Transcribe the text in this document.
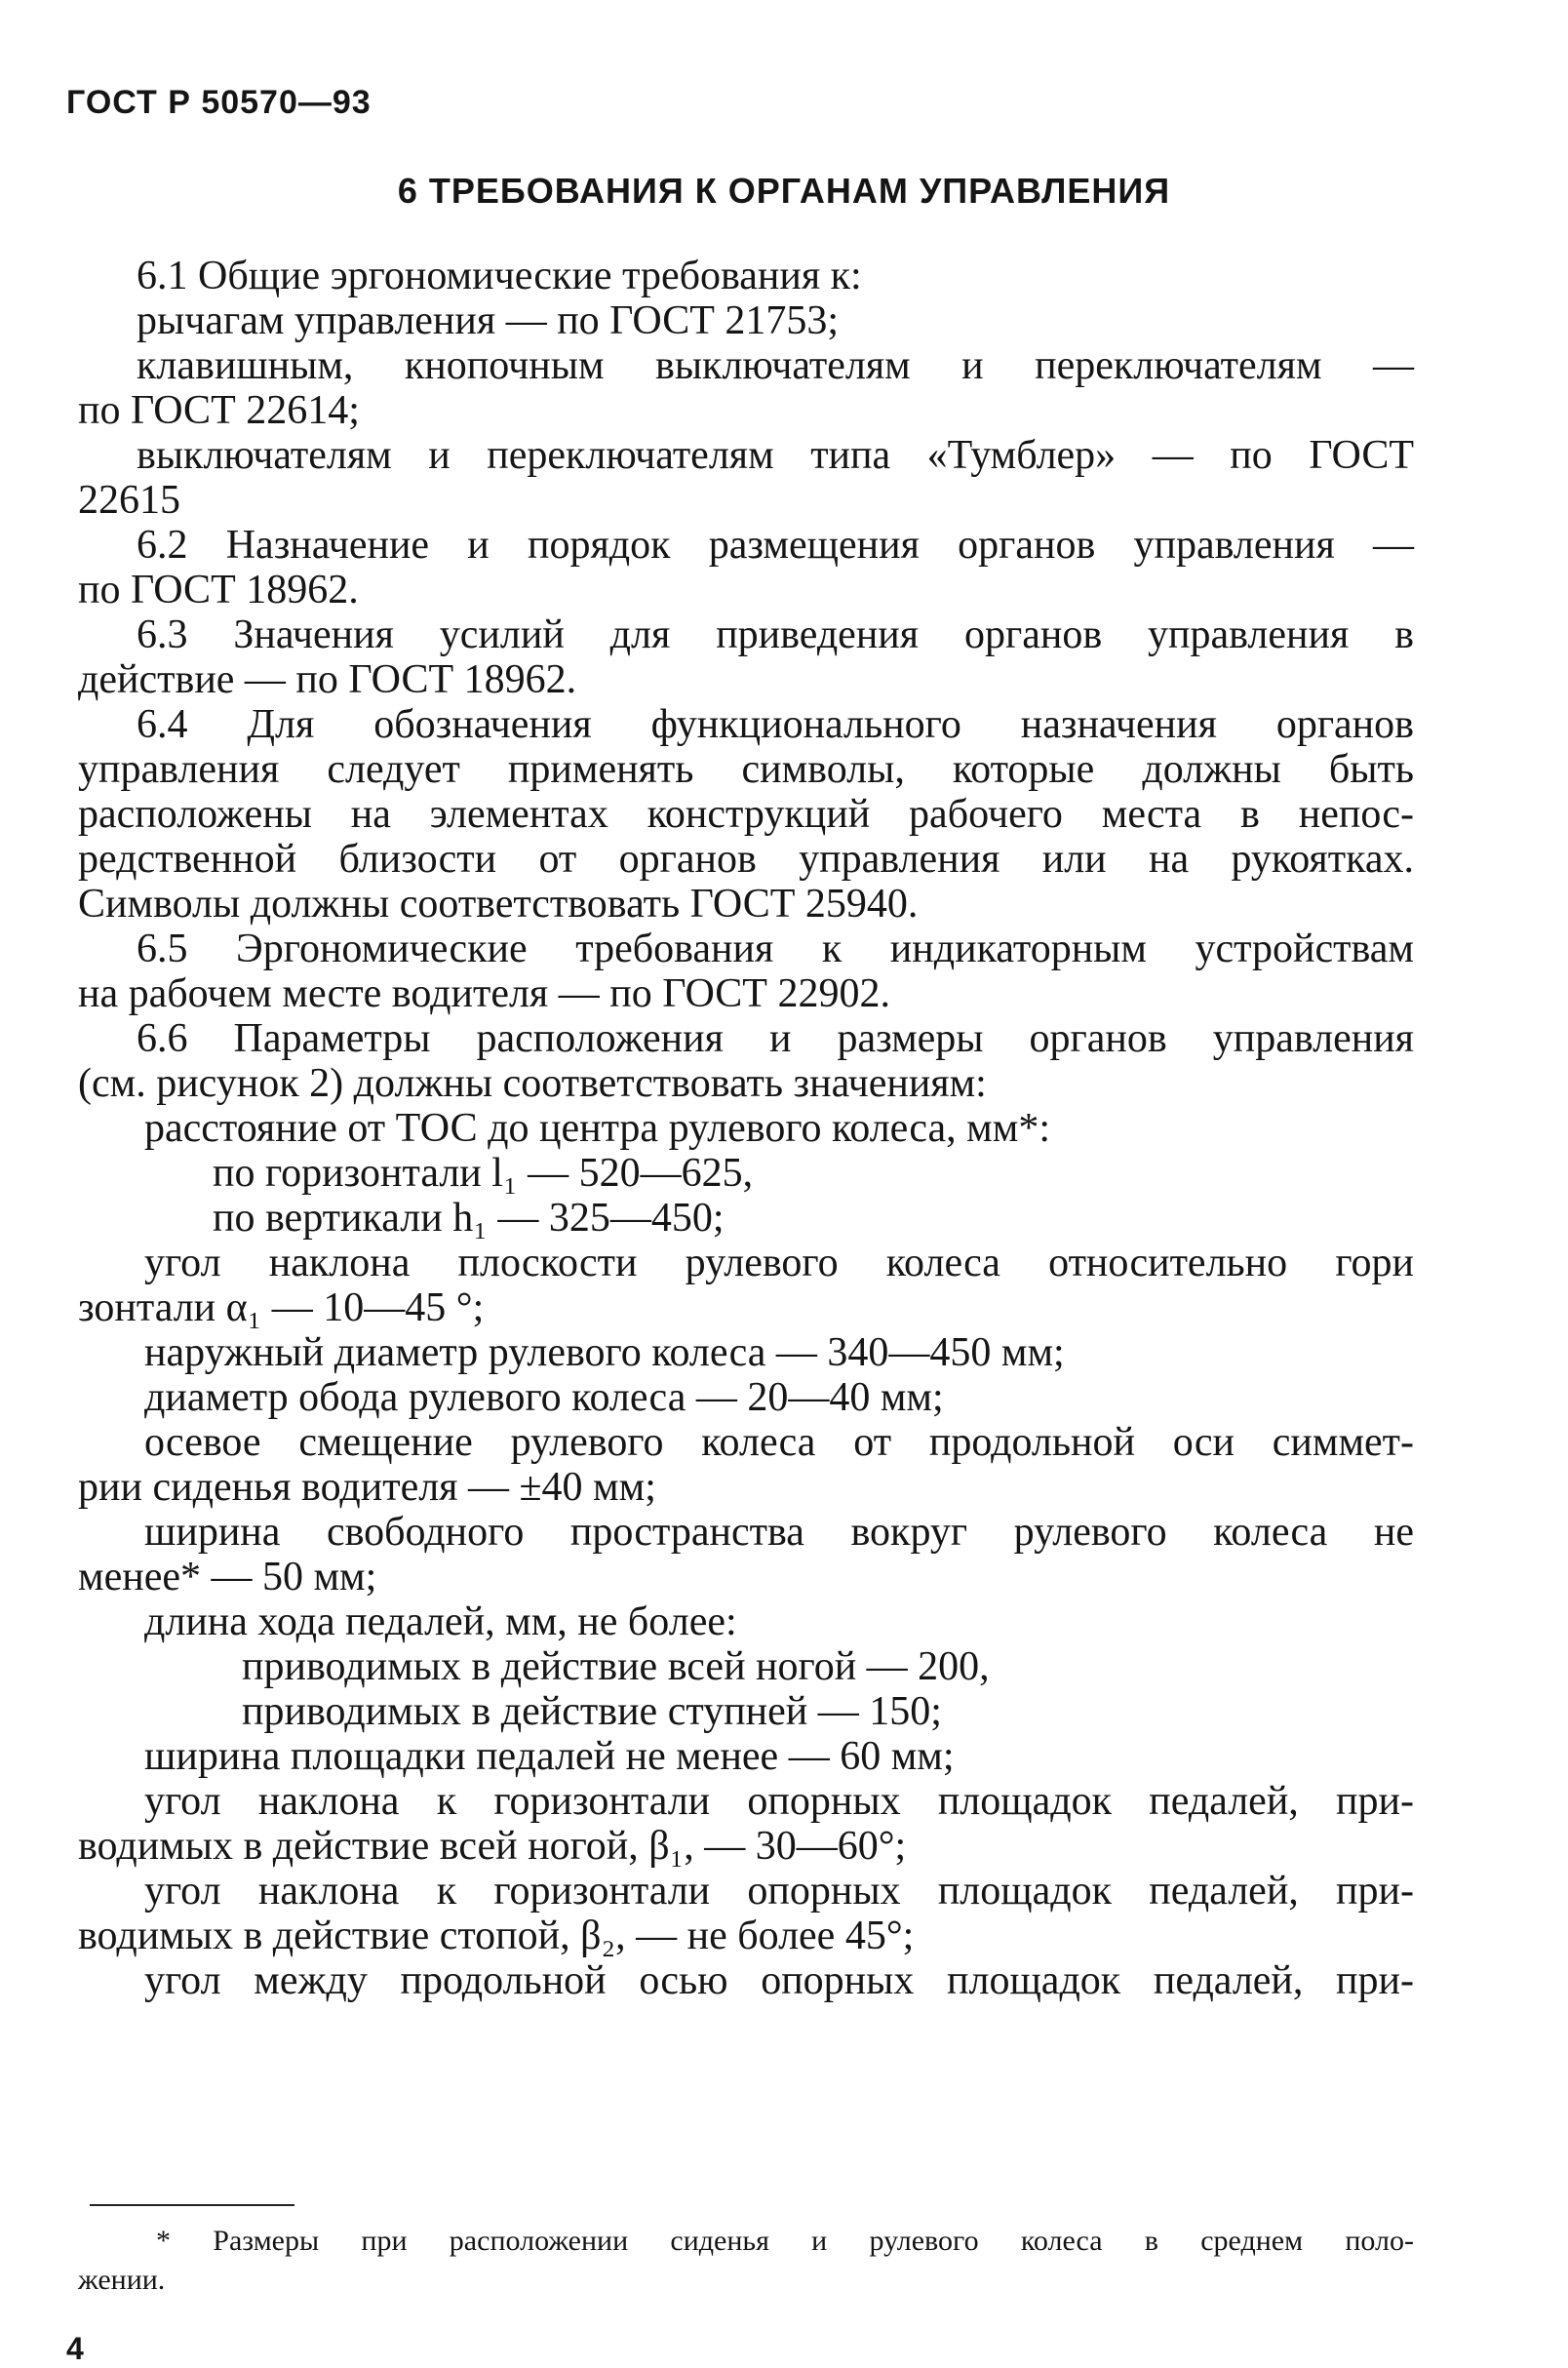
ГОСТ Р 50570—93
6 ТРЕБОВАНИЯ К ОРГАНАМ УПРАВЛЕНИЯ
6.1 Общие эргономические требования к:
рычагам управления — по ГОСТ 21753;
клавишным, кнопочным выключателям и переключателям —
по ГОСТ 22614;
выключателям и переключателям типа «Тумблер» — по ГОСТ
22615
6.2 Назначение и порядок размещения органов управления —
по ГОСТ 18962.
6.3 Значения усилий для приведения органов управления в
действие — по ГОСТ 18962.
6.4 Для обозначения функционального назначения органов
управления следует применять символы, которые должны быть
расположены на элементах конструкций рабочего места в непос-
редственной близости от органов управления или на рукоятках.
Символы должны соответствовать ГОСТ 25940.
6.5 Эргономические требования к индикаторным устройствам
на рабочем месте водителя — по ГОСТ 22902.
6.6 Параметры расположения и размеры органов управления
(см. рисунок 2) должны соответствовать значениям:
расстояние от ТОС до центра рулевого колеса, мм*:
по горизонтали l₁ — 520—625,
по вертикали h₁ — 325—450;
угол наклона плоскости рулевого колеса относительно гори
зонтали α₁ — 10—45 °;
наружный диаметр рулевого колеса — 340—450 мм;
диаметр обода рулевого колеса — 20—40 мм;
осевое смещение рулевого колеса от продольной оси симмет-
рии сиденья водителя — ±40 мм;
ширина свободного пространства вокруг рулевого колеса не
менее* — 50 мм;
длина хода педалей, мм, не более:
приводимых в действие всей ногой — 200,
приводимых в действие ступней — 150;
ширина площадки педалей не менее — 60 мм;
угол наклона к горизонтали опорных площадок педалей, при-
водимых в действие всей ногой, β₁, — 30—60°;
угол наклона к горизонтали опорных площадок педалей, при-
водимых в действие стопой, β₂, — не более 45°;
угол между продольной осью опорных площадок педалей, при-
* Размеры при расположении сиденья и рулевого колеса в среднем поло-
жении.
4
